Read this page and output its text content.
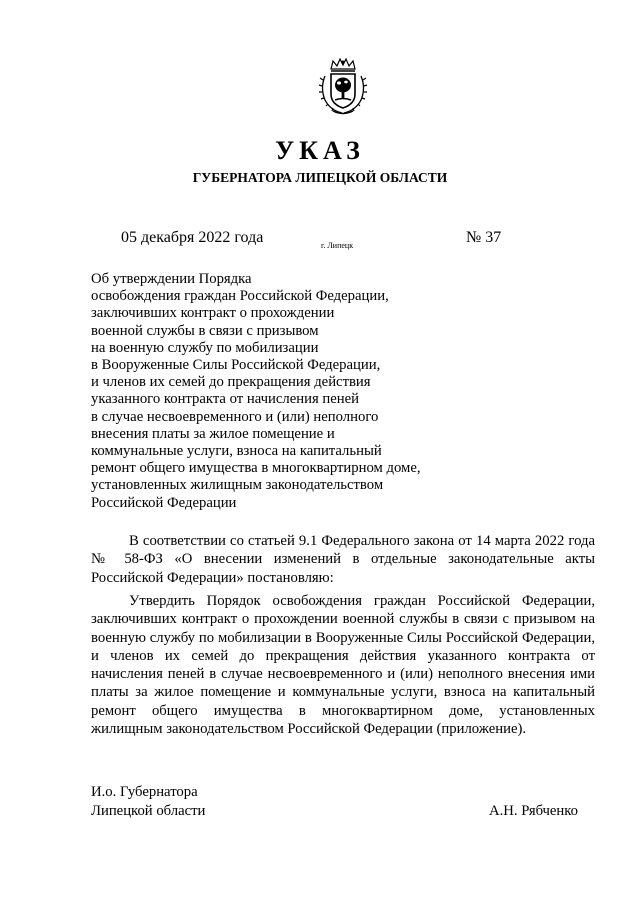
УКАЗ
ГУБЕРНАТОРА ЛИПЕЦКОЙ ОБЛАСТИ
05 декабря 2022 года	г. Липецк	№ 37
Об утверждении Порядка
освобождения граждан Российской Федерации,
заключивших контракт о прохождении
военной службы в связи с призывом
на военную службу по мобилизации
в Вооруженные Силы Российской Федерации,
и членов их семей до прекращения действия
указанного контракта от начисления пеней
в случае несвоевременного и (или) неполного
внесения платы за жилое помещение и
коммунальные услуги, взноса на капитальный
ремонт общего имущества в многоквартирном доме,
установленных жилищным законодательством
Российской Федерации
В соответствии со статьей 9.1 Федерального закона от 14 марта 2022 года № 58-ФЗ «О внесении изменений в отдельные законодательные акты Российской Федерации» постановляю:
Утвердить Порядок освобождения граждан Российской Федерации, заключивших контракт о прохождении военной службы в связи с призывом на военную службу по мобилизации в Вооруженные Силы Российской Федерации, и членов их семей до прекращения действия указанного контракта от начисления пеней в случае несвоевременного и (или) неполного внесения ими платы за жилое помещение и коммунальные услуги, взноса на капитальный ремонт общего имущества в многоквартирном доме, установленных жилищным законодательством Российской Федерации (приложение).
И.о. Губернатора
Липецкой области	А.Н. Рябченко
